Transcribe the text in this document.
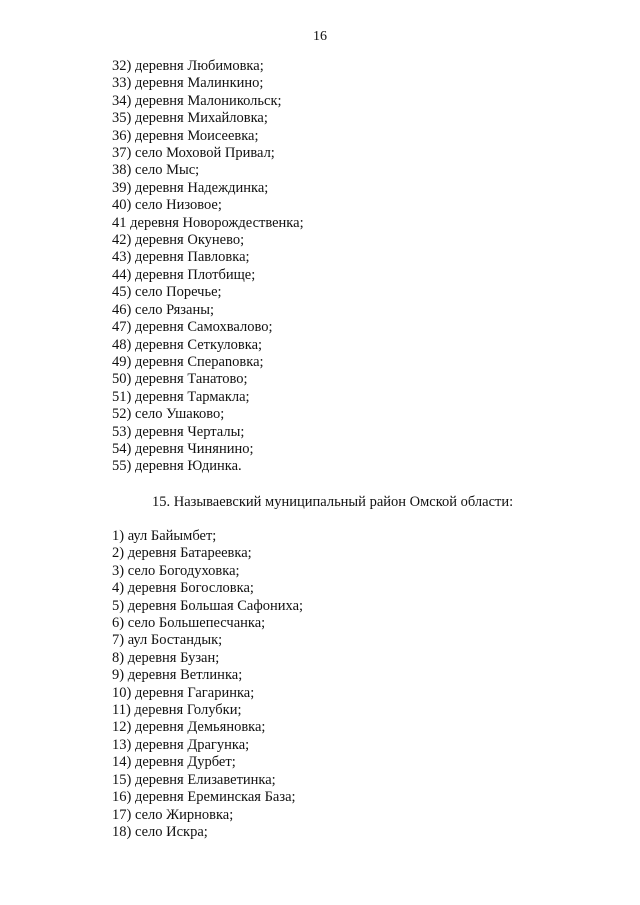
16
32) деревня Любимовка;
33) деревня Малинкино;
34) деревня Малоникольск;
35) деревня Михайловка;
36) деревня Моисеевка;
37) село Моховой Привал;
38) село Мыс;
39) деревня Надеждинка;
40) село Низовое;
41 деревня Новорождественка;
42) деревня Окунево;
43) деревня Павловка;
44) деревня Плотбище;
45) село Поречье;
46) село Рязаны;
47) деревня Самохвалово;
48) деревня Сеткуловка;
49) деревня Спераnовка;
50) деревня Танатово;
51) деревня Тармакла;
52) село Ушаково;
53) деревня Черталы;
54) деревня Чинянино;
55) деревня Юдинка.
15. Называевский муниципальный район Омской области:
1) аул Байымбет;
2) деревня Батареевка;
3) село Богодуховка;
4) деревня Богословка;
5) деревня Большая Сафониха;
6) село Большепесчанка;
7) аул Бостандык;
8) деревня Бузан;
9) деревня Ветлинка;
10) деревня Гагаринка;
11) деревня Голубки;
12) деревня Демьяновка;
13) деревня Драгунка;
14) деревня Дурбет;
15) деревня Елизаветинка;
16) деревня Ереминская База;
17) село Жирновка;
18) село Искра;
